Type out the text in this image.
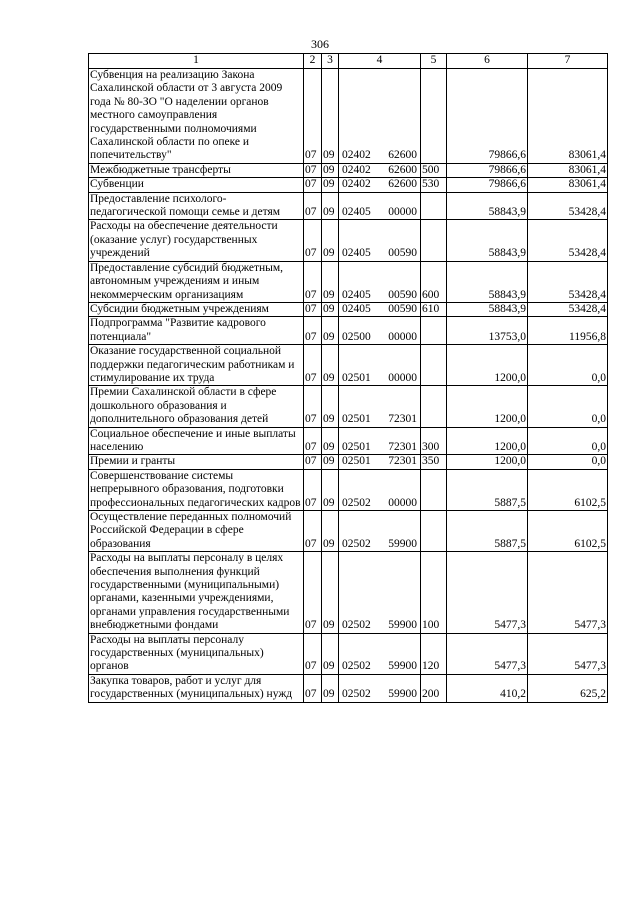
306
1	2	3	4	5	6	7
Субвенция на реализацию Закона Сахалинской области от 3 августа 2009 года № 80-ЗО "О наделении органов местного самоуправления государственными полномочиями Сахалинской области по опеке и попечительству"	07	09	02402 62600		79866,6	83061,4
Межбюджетные трансферты	07	09	02402 62600	500	79866,6	83061,4
Субвенции	07	09	02402 62600	530	79866,6	83061,4
Предоставление психолого-педагогической помощи семье и детям	07	09	02405 00000		58843,9	53428,4
Расходы на обеспечение деятельности (оказание услуг) государственных учреждений	07	09	02405 00590		58843,9	53428,4
Предоставление субсидий бюджетным, автономным учреждениям и иным некоммерческим организациям	07	09	02405 00590	600	58843,9	53428,4
Субсидии бюджетным учреждениям	07	09	02405 00590	610	58843,9	53428,4
Подпрограмма "Развитие кадрового потенциала"	07	09	02500 00000		13753,0	11956,8
Оказание государственной социальной поддержки педагогическим работникам и стимулирование их труда	07	09	02501 00000		1200,0	0,0
Премии Сахалинской области в сфере дошкольного образования и дополнительного образования детей	07	09	02501 72301		1200,0	0,0
Социальное обеспечение и иные выплаты населению	07	09	02501 72301	300	1200,0	0,0
Премии и гранты	07	09	02501 72301	350	1200,0	0,0
Совершенствование системы непрерывного образования, подготовки профессиональных педагогических кадров	07	09	02502 00000		5887,5	6102,5
Осуществление переданных полномочий Российской Федерации в сфере образования	07	09	02502 59900		5887,5	6102,5
Расходы на выплаты персоналу в целях обеспечения выполнения функций государственными (муниципальными) органами, казенными учреждениями, органами управления государственными внебюджетными фондами	07	09	02502 59900	100	5477,3	5477,3
Расходы на выплаты персоналу государственных (муниципальных) органов	07	09	02502 59900	120	5477,3	5477,3
Закупка товаров, работ и услуг для государственных (муниципальных) нужд	07	09	02502 59900	200	410,2	625,2
